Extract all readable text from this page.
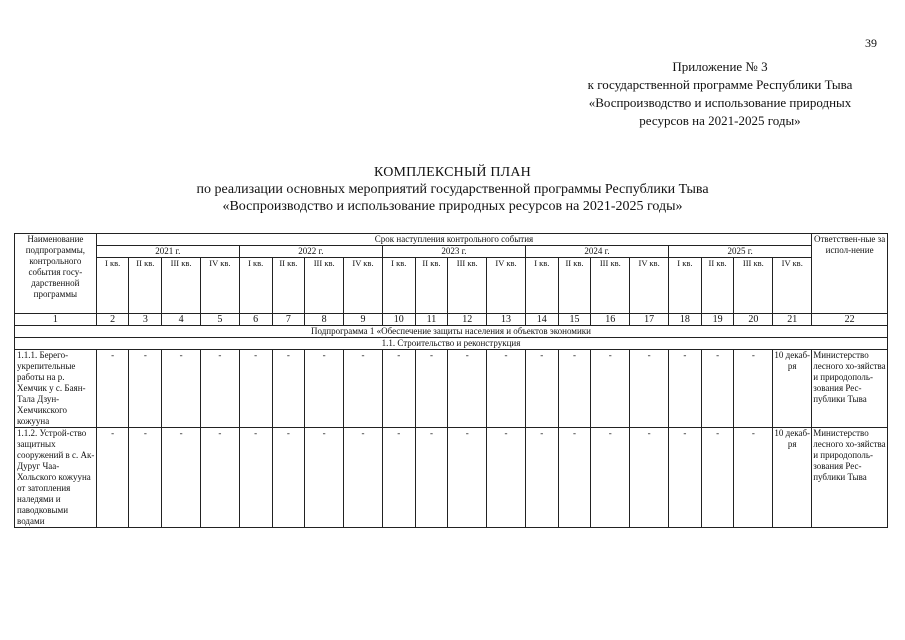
39
Приложение № 3
к государственной программе Республики Тыва
«Воспроизводство и использование природных
ресурсов на 2021-2025 годы»
КОМПЛЕКСНЫЙ ПЛАН
по реализации основных мероприятий государственной программы Республики Тыва
«Воспроизводство и использование природных ресурсов на 2021-2025 годы»
Наименование подпрограммы, контрольного события госу-дарственной программы	Срок наступления контрольного события																				Ответствен-ные за испол-нение
	2021 г.				2022 г.				2023 г.				2024 г.				2025 г.				
	I кв.	II кв.	III кв.	IV кв.	I кв.	II кв.	III кв.	IV кв.	I кв.	II кв.	III кв.	IV кв.	I кв.	II кв.	III кв.	IV кв.	I кв.	II кв.	III кв.	IV кв.	
1	2	3	4	5	6	7	8	9	10	11	12	13	14	15	16	17	18	19	20	21	22
Подпрограмма 1 «Обеспечение защиты населения и объектов экономики																					
1.1. Строительство и реконструкция																					
1.1.1. Берего-укрепительные работы на р. Хемчик у с. Баян-Тала Дзун-Хемчикского кожууна	-	-	-	-	-	-	-	-	-	-	-	-	-	-	-	-	-	-	-	10 декаб-ря	Министерство лесного хо-зяйства и природополь-зования Рес-публики Тыва
1.1.2. Устрой-ство защитных сооружений в с. Ак-Дуруг Чаа-Хольского кожууна от затопления наледями и паводковыми водами	-	-	-	-	-	-	-	-	-	-	-	-	-	-	-	-	-	-	-	10 декаб-ря	Министерство лесного хо-зяйства и природополь-зования Рес-публики Тыва
